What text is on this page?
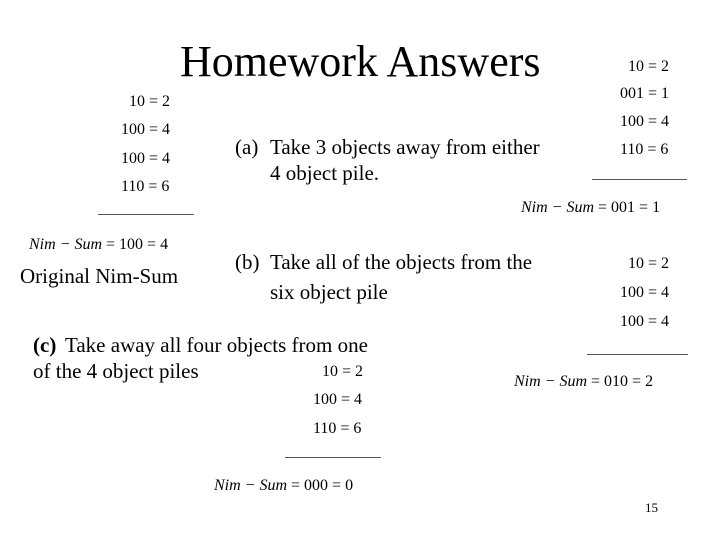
Homework Answers
10 = 2
100 = 4
100 = 4
110 = 6
Nim − Sum = 100 = 4
Original Nim-Sum
(a) Take 3 objects away from either
4 object pile.
10 = 2
001 = 1
100 = 4
110 = 6
Nim − Sum = 001 = 1
(b) Take all of the objects from the
six object pile
10 = 2
100 = 4
100 = 4
Nim − Sum = 010 = 2
(c) Take away all four objects from one
of the 4 object piles	10 = 2
100 = 4
110 = 6
Nim − Sum = 000 = 0
15
